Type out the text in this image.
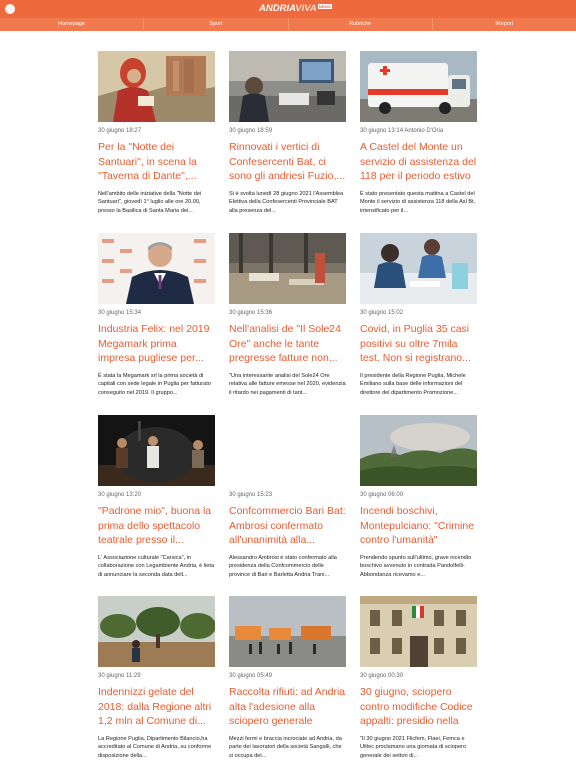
ANDRIAVIVA NEWS
Homepage	Sport	Rubriche	iReport
30 giugno 18:27
Per la "Notte dei Santuari", in scena la "Taverna di Dante",...
Nell'ambito delle iniziative della "Notte dei Santuari", giovedì 1° luglio alle ore 20.00, presso la Basilica di Santa Maria dei...
30 giugno 18:59
Rinnovati i vertici di Confesercenti Bat, ci sono gli andriesi Fuzio,...
Si è svolta lunedì 28 giugno 2021 l'Assemblea Elettiva della Confesercenti Provinciale BAT alla presenza del...
30 giugno 13:14 Antonio D'Oria
A Castel del Monte un servizio di assistenza del 118 per il periodo estivo
È stato presentato questa mattina a Castel del Monte il servizio di assistenza 118 della Asl Bt, intensificato per il...
30 giugno 15:34
Industria Felix: nel 2019 Megamark prima impresa pugliese per...
È stata la Megamark srl la prima società di capitali con sede legale in Puglia per fatturato conseguito nel 2019. Il gruppo...
30 giugno 15:36
Nell'analisi de "Il Sole24 Ore" anche le tante pregresse fatture non...
"Una interessante analisi del Sole24 Ore relativa alle fatture emesse nel 2020, evidenzia il ritardo nei pagamenti di tant...
30 giugno 15:02
Covid, in Puglia 35 casi positivi su oltre 7mila test. Non si registrano...
Il presidente della Regione Puglia, Michele Emiliano sulla base delle informazioni del direttore del dipartimento Promozione...
30 giugno 13:20
"Padrone mio", buona la prima dello spettacolo teatrale presso il...
L' Associazione culturale "Carsica", in collaborazione con Legambiente Andria, è lieta di annunciare la seconda data dell...
30 giugno 15:23
Confcommercio Bari Bat: Ambrosi confermato all'unanimità alla...
Alessandro Ambrosi è stato confermato alla presidenza della Confcommercio delle province di Bari e Barletta Andria Trani...
30 giugno 06:00
Incendi boschivi, Montepulciano: "Crimine contro l'umanità"
Prendendo spunto sull'ultimo, grave incendio boschivo avvenuto in contrada Pandolfelli-Abbondanza ricevamo e...
30 giugno 11:29
Indennizzi gelate del 2018: dalla Regione altri 1,2 mln al Comune di...
La Regione Puglia, Dipartimento Bilancio,ha accreditato al Comune di Andria, su conforme disposizione della...
30 giugno 05:49
Raccolta rifiuti: ad Andria alta l'adesione alla sciopero generale
Mezzi fermi e braccia incrociate ad Andria, da parte dei lavoratori della società Sangalli, che si occupa del...
30 giugno 00:30
30 giugno, sciopero contro modifiche Codice appalti: presidio nella
"Il 30 giugno 2021 Flicfem, Flaei, Femca e Uiltec proclamano una giornata di sciopero generale dei settori di...
